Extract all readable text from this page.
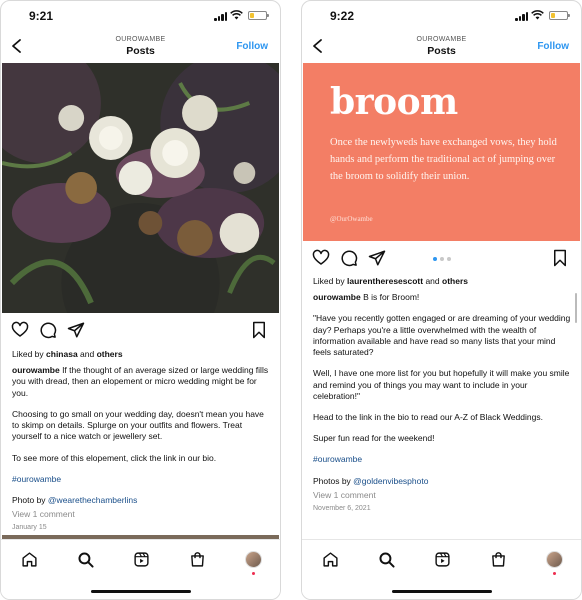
9:21
OUROWAMBE
Posts	Follow

Liked by chinasa and others

ourowambe If the thought of an average sized or large wedding fills you with dread, then an elopement or micro wedding might be for you.

Choosing to go small on your wedding day, doesn't mean you have to skimp on details. Splurge on your outfits and flowers. Treat yourself to a nice watch or jewellery set.

To see more of this elopement, click the link in our bio.

#ourowambe

Photo by @wearethechamberlins

View 1 comment

January 15

9:22
OUROWAMBE
Posts	Follow
broom
Once the newlyweds have exchanged vows, they hold hands and perform the traditional act of jumping over the broom to solidify their union.
@OurOwambe

Liked by laurentheresescott and others

ourowambe B is for Broom!

"Have you recently gotten engaged or are dreaming of your wedding day? Perhaps you're a little overwhelmed with the wealth of information available and have read so many lists that your mind feels saturated?

Well, I have one more list for you but hopefully it will make you smile and remind you of things you may want to include in your celebration!"

Head to the link in the bio to read our A-Z of Black Weddings.

Super fun read for the weekend!

#ourowambe

Photos by @goldenvibesphoto

View 1 comment

November 6, 2021
